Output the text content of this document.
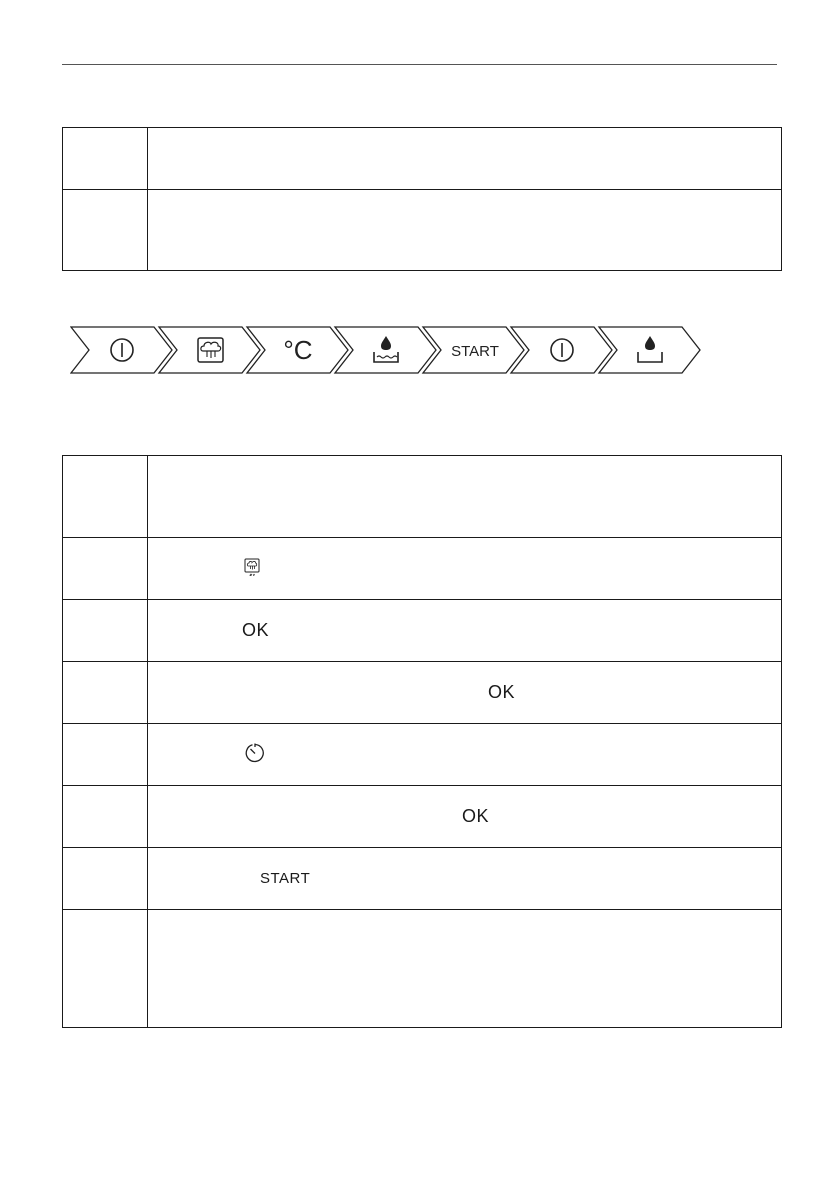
°C	START

	OK
	OK

	OK
	START
